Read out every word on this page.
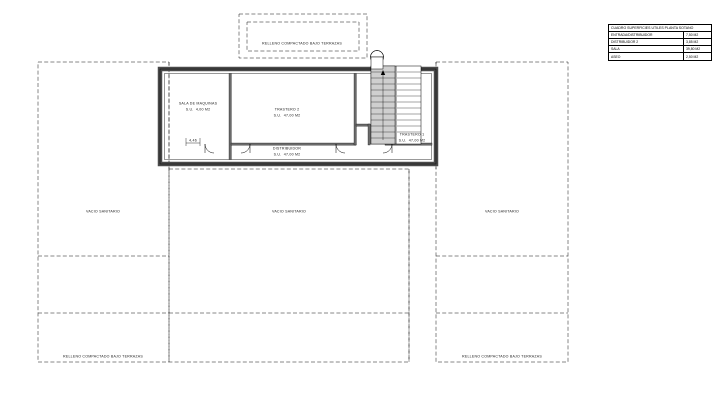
SALA DE MAQUINAS
S.U.  4,00 M2	TRASTERO 2
S.U.  47,00 M2
TRASTERO 1
S.U.  47,00 M2
DISTRIBUIDOR
S.U.  47,00 M2
4,46
RELLENO COMPACTADO BAJO TERRAZAS
VACIO SANITARIO	VACIO SANITARIO	VACIO SANITARIO
RELLENO COMPACTADO BAJO TERRAZAS	RELLENO COMPACTADO BAJO TERRAZAS
CUADRO SUPERFICIES UTILES PLANTA SOTANO
ENTRADA/DISTRIBUIDOR	7,50 M2
DISTRIBUIDOR 2	3,85 M2
SALA	39,80 M2
ASEO	2,50 M2
